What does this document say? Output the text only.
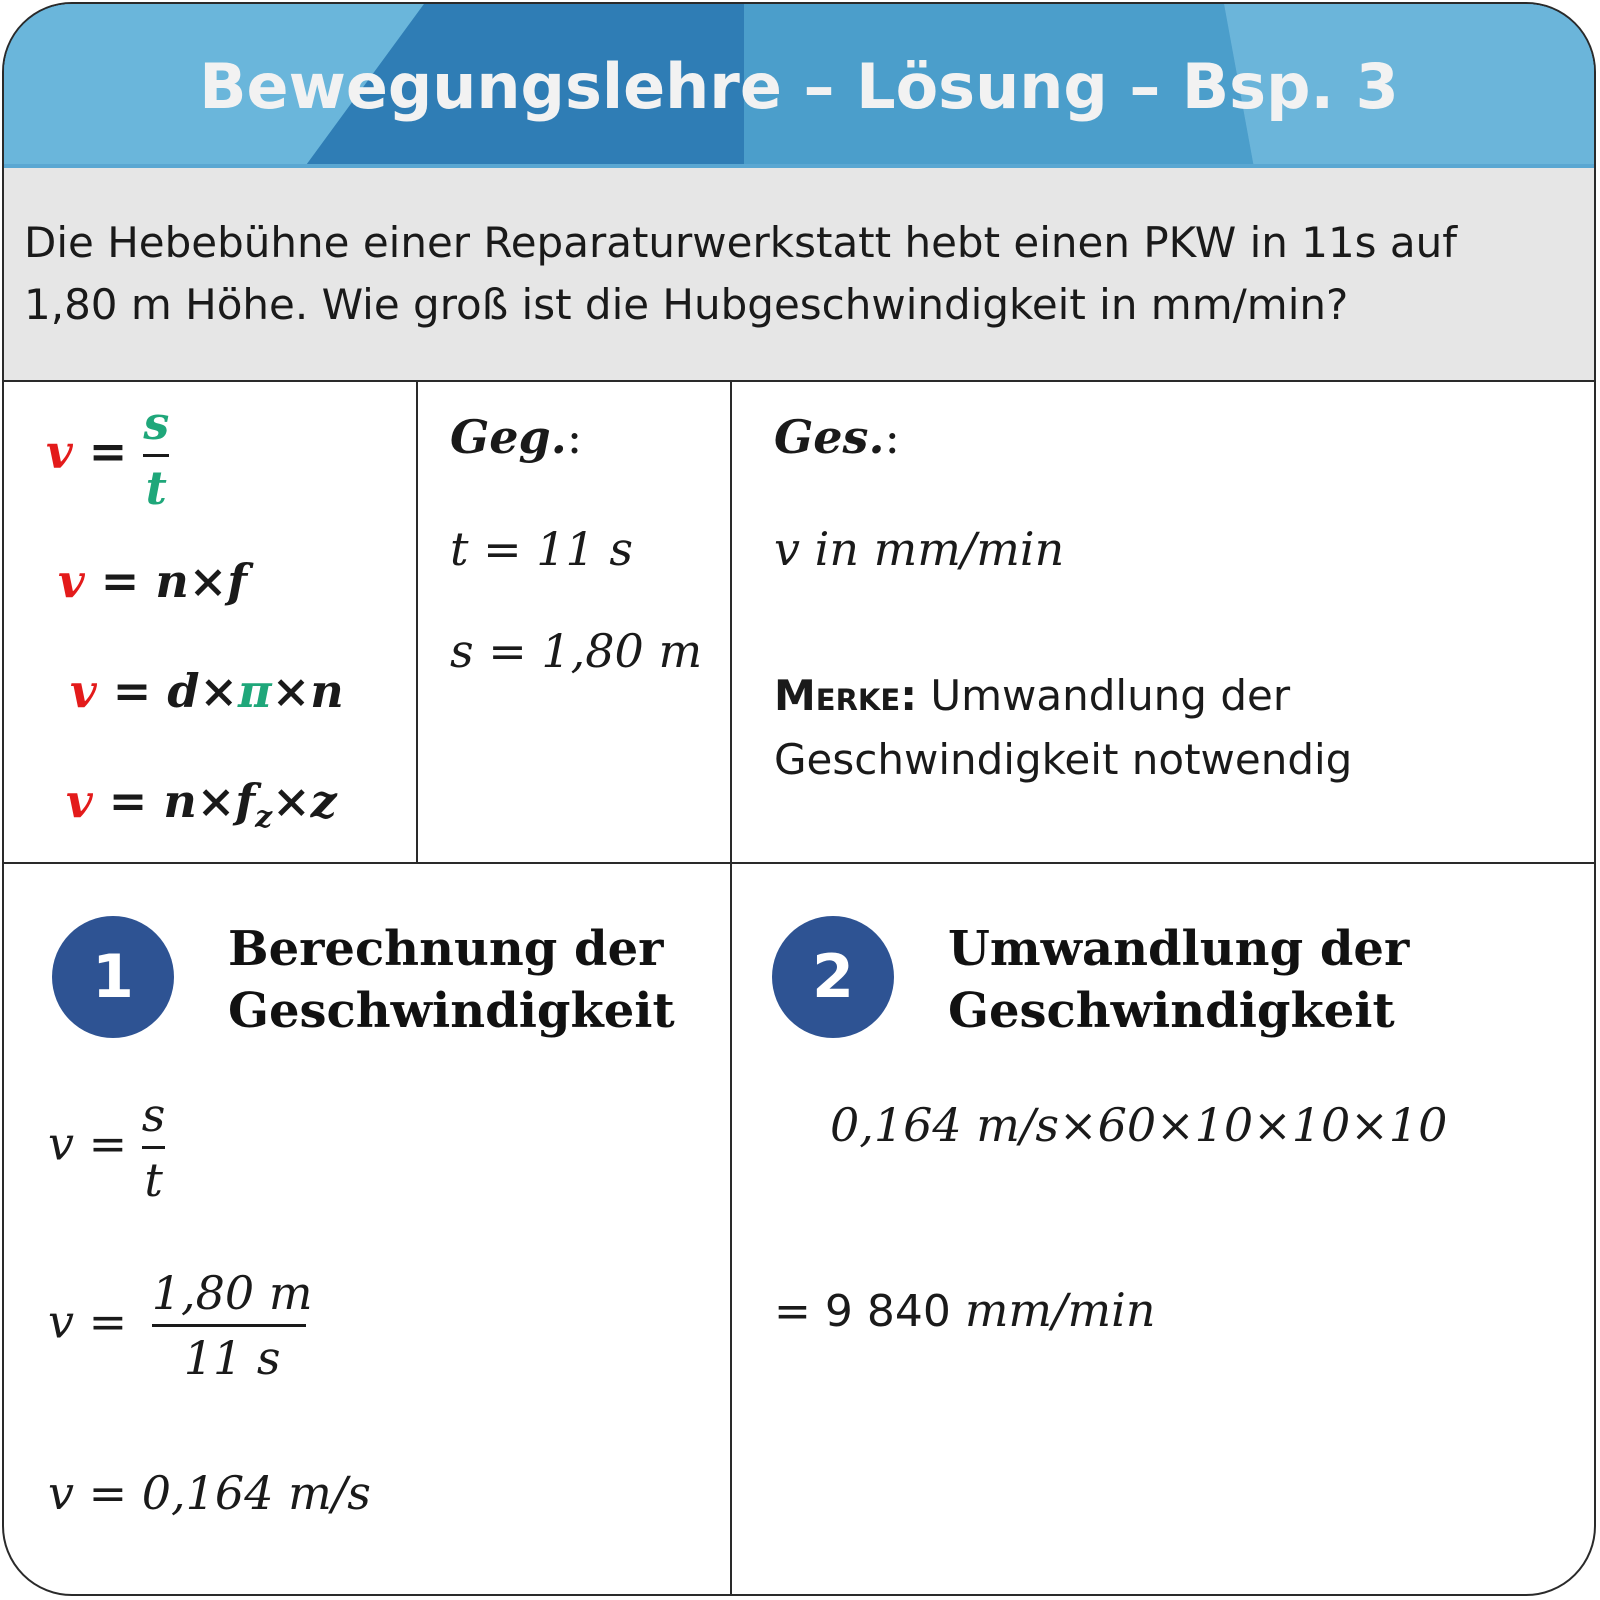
Bewegungslehre – Lösung – Bsp. 3

Die Hebebühne einer Reparaturwerkstatt hebt einen PKW in 11s auf
1,80 m Höhe. Wie groß ist die Hubgeschwindigkeit in mm/min?

$v = \frac{s}{t}$
v = n×f
v = d×π×n
$v = n\times f_z\times z$
Geg.:
t = 11 s
s = 1,80 m
Ges.:
v in mm/min
Merke: Umwandlung der
Geschwindigkeit notwendig
1	Berechnung der
Geschwindigkeit
$v = \frac{s}{t}$
$v = \frac{1,80 m}{11 s}$
v = 0,164 m/s
2	Umwandlung der
Geschwindigkeit
0,164 m/s×60×10×10×10
= 9 840 mm/min
